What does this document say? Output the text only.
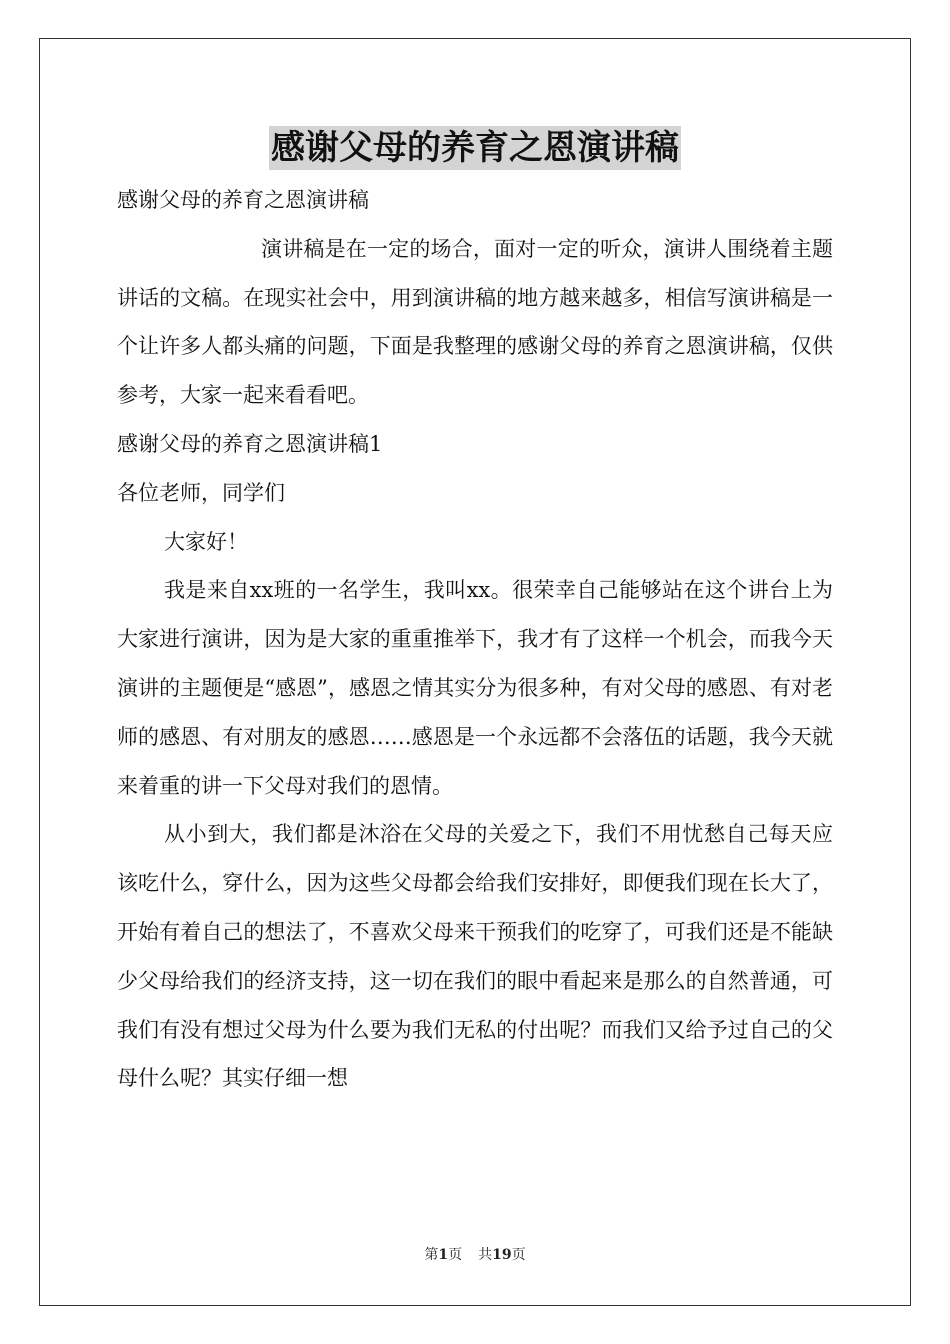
感谢父母的养育之恩演讲稿
感谢父母的养育之恩演讲稿

演讲稿是在一定的场合，面对一定的听众，演讲人围绕着主题讲话的文稿。在现实社会中，用到演讲稿的地方越来越多，相信写演讲稿是一个让许多人都头痛的问题，下面是我整理的感谢父母的养育之恩演讲稿，仅供参考，大家一起来看看吧。

感谢父母的养育之恩演讲稿1
各位老师，同学们

大家好！

我是来自xx班的一名学生，我叫xx。很荣幸自己能够站在这个讲台上为大家进行演讲，因为是大家的重重推举下，我才有了这样一个机会，而我今天演讲的主题便是“感恩”，感恩之情其实分为很多种，有对父母的感恩、有对老师的感恩、有对朋友的感恩……感恩是一个永远都不会落伍的话题，我今天就来着重的讲一下父母对我们的恩情。

从小到大，我们都是沐浴在父母的关爱之下，我们不用忧愁自己每天应该吃什么，穿什么，因为这些父母都会给我们安排好，即便我们现在长大了，开始有着自己的想法了，不喜欢父母来干预我们的吃穿了，可我们还是不能缺少父母给我们的经济支持，这一切在我们的眼中看起来是那么的自然普通，可我们有没有想过父母为什么要为我们无私的付出呢？而我们又给予过自己的父母什么呢？其实仔细一想

第1页 共19页
